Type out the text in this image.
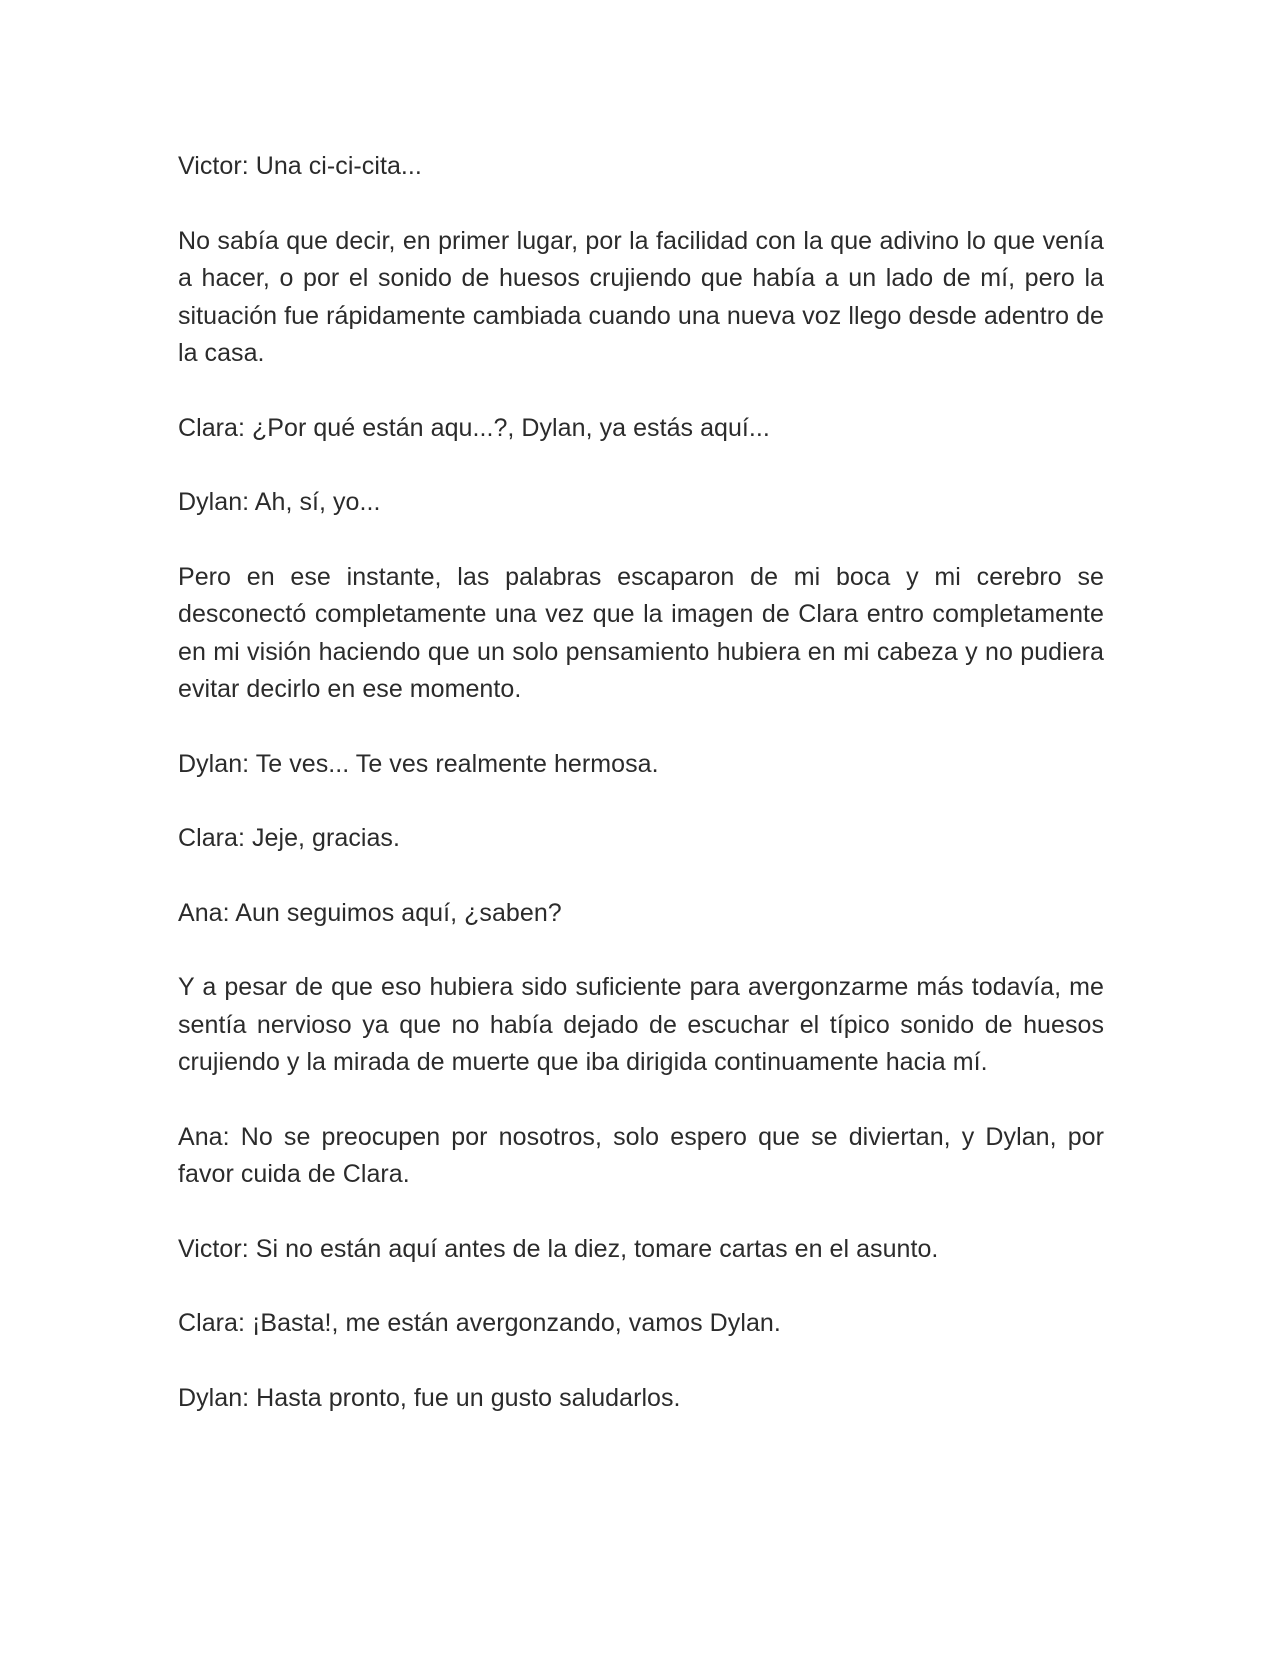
Victor: Una ci-ci-cita...

No sabía que decir, en primer lugar, por la facilidad con la que adivino lo que venía a hacer, o por el sonido de huesos crujiendo que había a un lado de mí, pero la situación fue rápidamente cambiada cuando una nueva voz llego desde adentro de la casa.

Clara: ¿Por qué están aqu...?, Dylan, ya estás aquí...

Dylan: Ah, sí, yo...

Pero en ese instante, las palabras escaparon de mi boca y mi cerebro se desconectó completamente una vez que la imagen de Clara entro completamente en mi visión haciendo que un solo pensamiento hubiera en mi cabeza y no pudiera evitar decirlo en ese momento.

Dylan: Te ves... Te ves realmente hermosa.

Clara: Jeje, gracias.

Ana: Aun seguimos aquí, ¿saben?

Y a pesar de que eso hubiera sido suficiente para avergonzarme más todavía, me sentía nervioso ya que no había dejado de escuchar el típico sonido de huesos crujiendo y la mirada de muerte que iba dirigida continuamente hacia mí.

Ana: No se preocupen por nosotros, solo espero que se diviertan, y Dylan, por favor cuida de Clara.

Victor: Si no están aquí antes de la diez, tomare cartas en el asunto.

Clara: ¡Basta!, me están avergonzando, vamos Dylan.

Dylan: Hasta pronto, fue un gusto saludarlos.
